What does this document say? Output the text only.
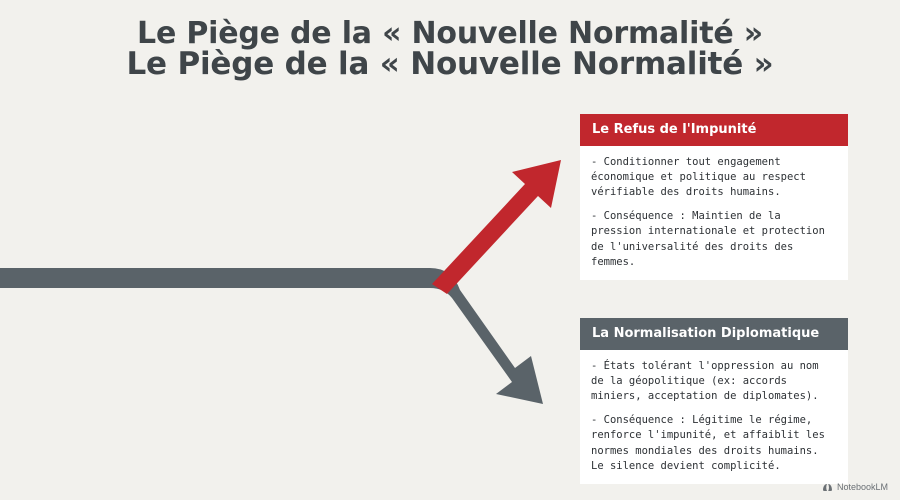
Le Piège de la « Nouvelle Normalité »
Le Piège de la « Nouvelle Normalité »
Le Refus de l'Impunité

- Conditionner tout engagement économique et politique au respect vérifiable des droits humains.

- Conséquence : Maintien de la pression internationale et protection de l'universalité des droits des femmes.

La Normalisation Diplomatique

- États tolérant l'oppression au nom de la géopolitique (ex: accords miniers, acceptation de diplomates).

- Conséquence : Légitime le régime, renforce l'impunité, et affaiblit les normes mondiales des droits humains. Le silence devient complicité.

NotebookLM
